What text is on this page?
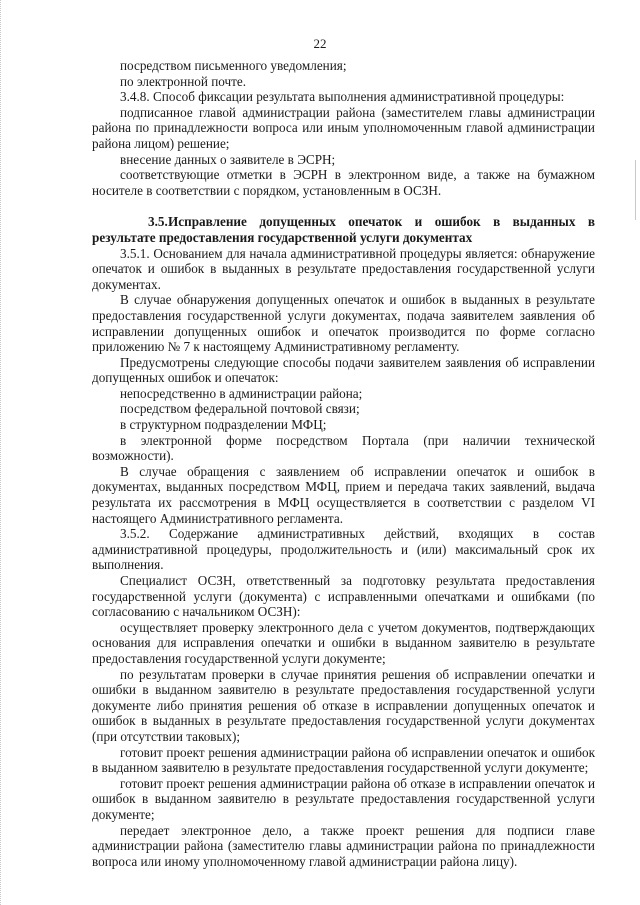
22

посредством письменного уведомления;

по электронной почте.

3.4.8. Способ фиксации результата выполнения административной процедуры:

подписанное главой администрации района (заместителем главы администрации района по принадлежности вопроса или иным уполномоченным главой администрации района лицом) решение;

внесение данных о заявителе в ЭСРН;

соответствующие отметки в ЭСРН в электронном виде, а также на бумажном носителе в соответствии с порядком, установленным в ОСЗН.

3.5.Исправление допущенных опечаток и ошибок в выданных в результате предоставления государственной услуги документах

3.5.1. Основанием для начала административной процедуры является: обнаружение опечаток и ошибок в выданных в результате предоставления государственной услуги документах.

В случае обнаружения допущенных опечаток и ошибок в выданных в результате предоставления государственной услуги документах, подача заявителем заявления об исправлении допущенных ошибок и опечаток производится по форме согласно приложению № 7 к настоящему Административному регламенту.

Предусмотрены следующие способы подачи заявителем заявления об исправлении допущенных ошибок и опечаток:

непосредственно в администрации района;

посредством федеральной почтовой связи;

в структурном подразделении МФЦ;

в электронной форме посредством Портала (при наличии технической возможности).

В случае обращения с заявлением об исправлении опечаток и ошибок в документах, выданных посредством МФЦ, прием и передача таких заявлений, выдача результата их рассмотрения в МФЦ осуществляется в соответствии с разделом VI настоящего Административного регламента.

3.5.2. Содержание административных действий, входящих в состав административной процедуры, продолжительность и (или) максимальный срок их выполнения.

Специалист ОСЗН, ответственный за подготовку результата предоставления государственной услуги (документа) с исправленными опечатками и ошибками (по согласованию с начальником ОСЗН):

осуществляет проверку электронного дела с учетом документов, подтверждающих основания для исправления опечатки и ошибки в выданном заявителю в результате предоставления государственной услуги документе;

по результатам проверки в случае принятия решения об исправлении опечатки и ошибки в выданном заявителю в результате предоставления государственной услуги документе либо принятия решения об отказе в исправлении допущенных опечаток и ошибок в выданных в результате предоставления государственной услуги документах (при отсутствии таковых);

готовит проект решения администрации района об исправлении опечаток и ошибок в выданном заявителю в результате предоставления государственной услуги документе;

готовит проект решения администрации района об отказе в исправлении опечаток и ошибок в выданном заявителю в результате предоставления государственной услуги документе;

передает электронное дело, а также проект решения для подписи главе администрации района (заместителю главы администрации района по принадлежности вопроса или иному уполномоченному главой администрации района лицу).
